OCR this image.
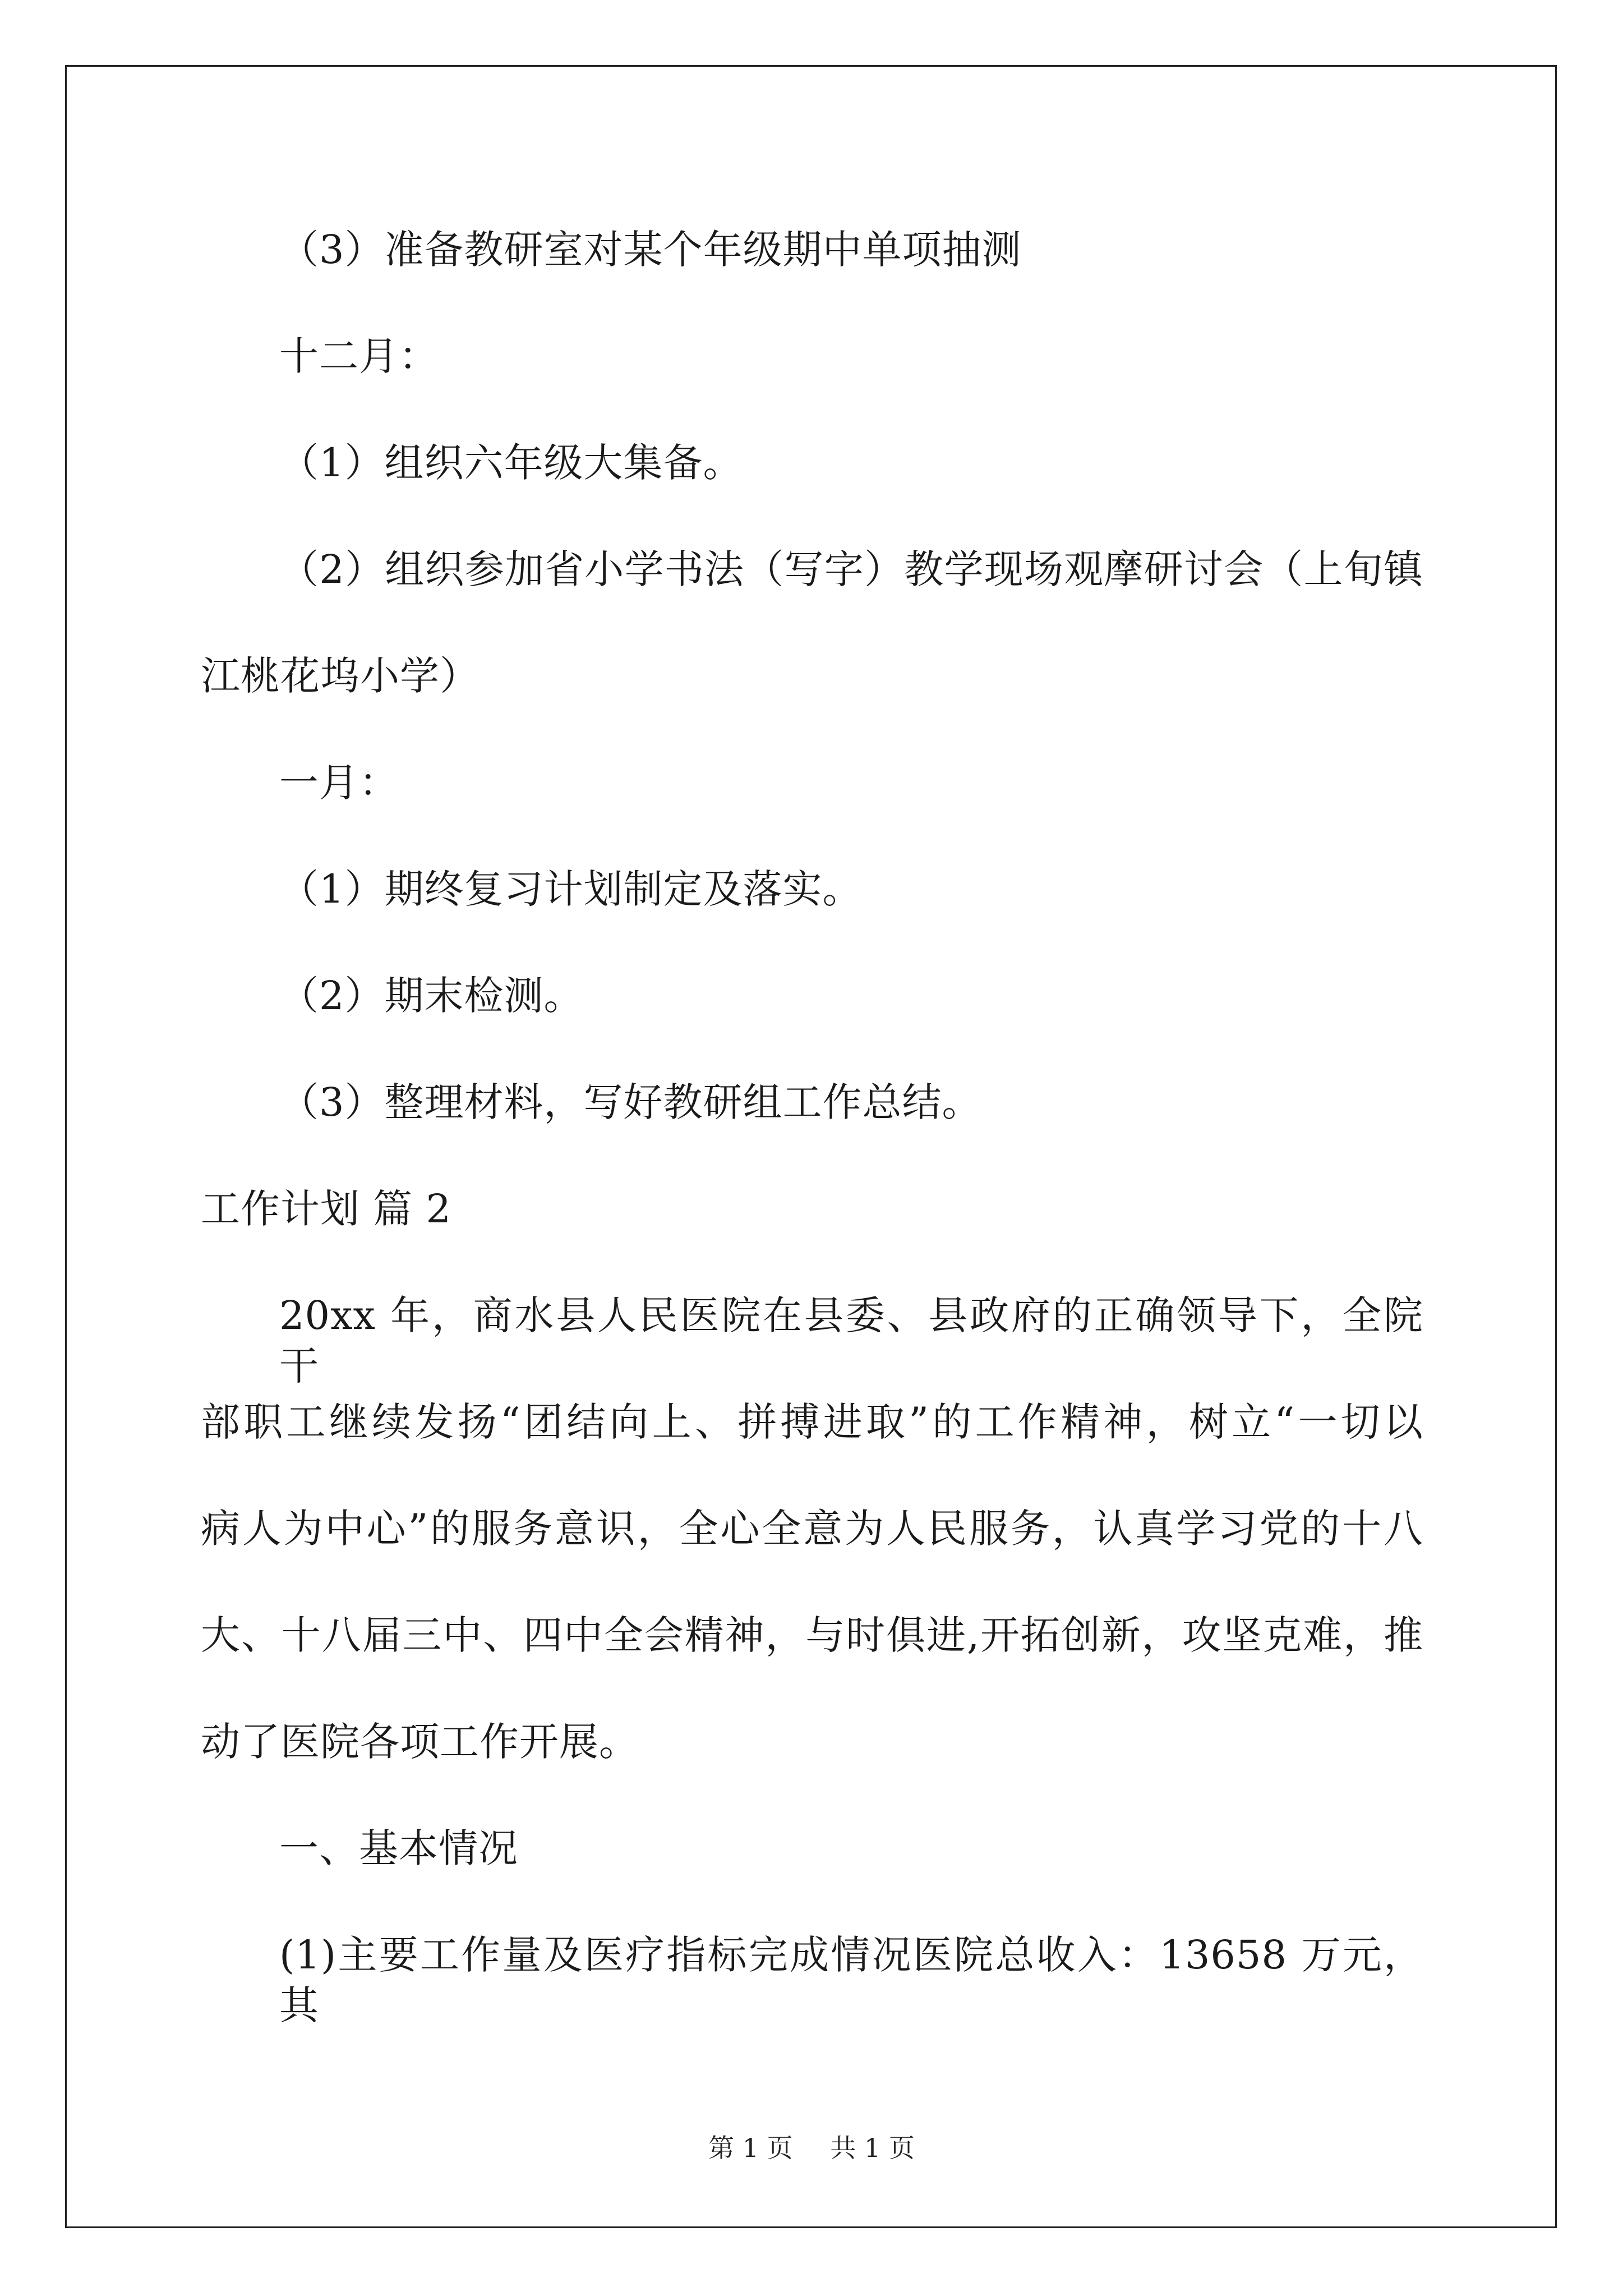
（3）准备教研室对某个年级期中单项抽测
十二月：
（1）组织六年级大集备。
（2）组织参加省小学书法（写字）教学现场观摩研讨会（上旬镇
江桃花坞小学）
一月：
（1）期终复习计划制定及落实。
（2）期末检测。
（3）整理材料，写好教研组工作总结。
工作计划 篇 2
20xx 年，商水县人民医院在县委、县政府的正确领导下，全院干
部职工继续发扬“团结向上、拼搏进取”的工作精神，树立“一切以
病人为中心”的服务意识，全心全意为人民服务，认真学习党的十八
大、十八届三中、四中全会精神，与时俱进,开拓创新，攻坚克难，推
动了医院各项工作开展。
一、基本情况
(1)主要工作量及医疗指标完成情况医院总收入：13658 万元，其
第 1 页 共 1 页
